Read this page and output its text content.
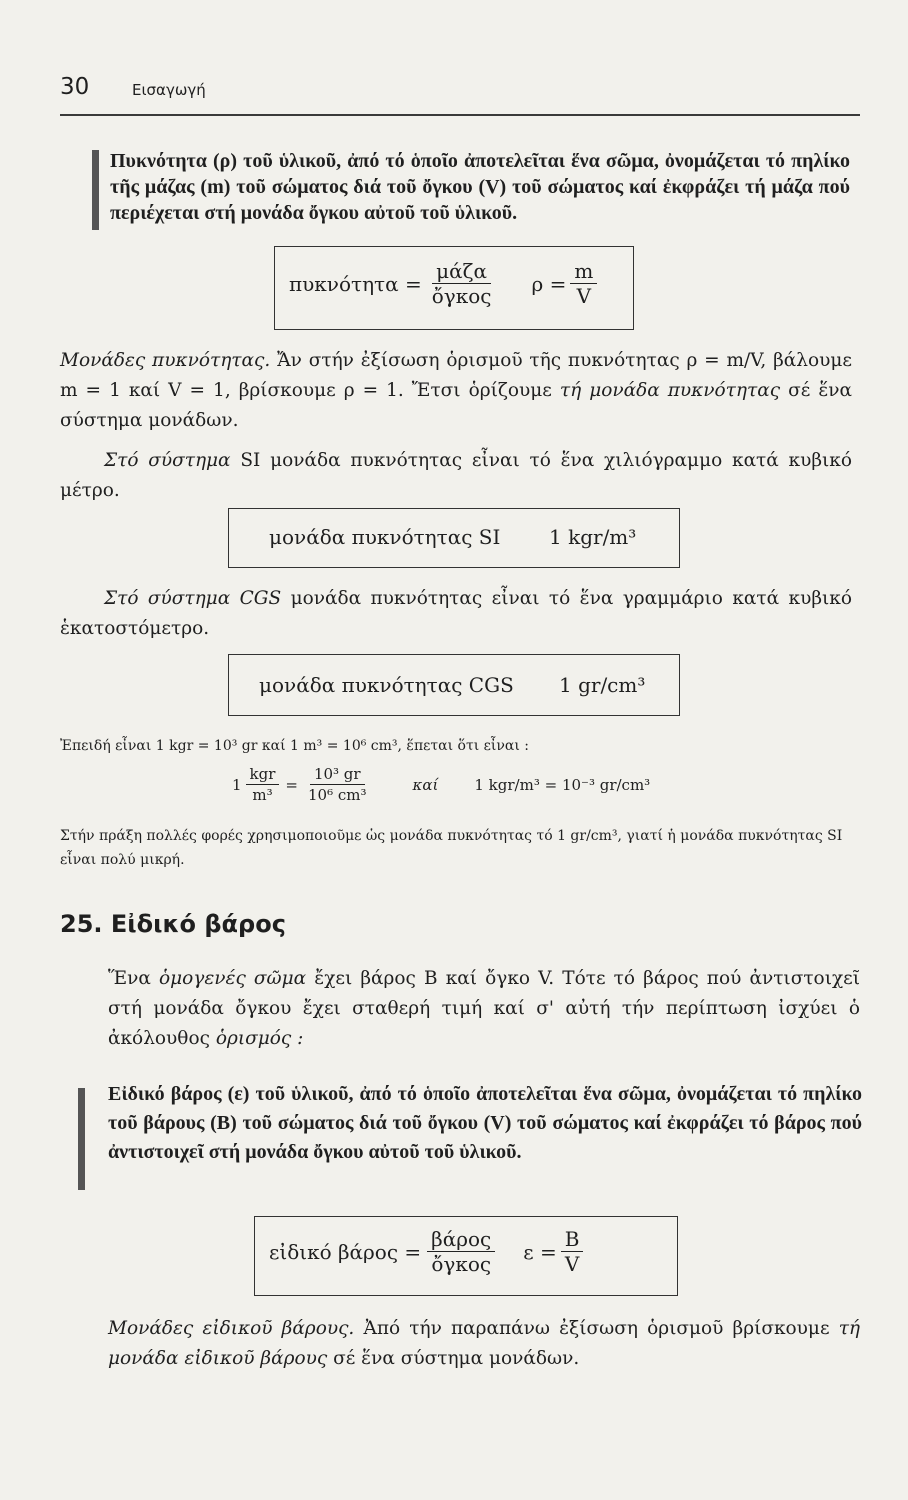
30	Εισαγωγή
Πυκνότητα (ρ) τοῦ ὑλικοῦ, ἀπό τό ὁποῖο ἀποτελεῖται ἕνα σῶμα, ὀνομάζεται τό πηλίκο τῆς μάζας (m) τοῦ σώματος διά τοῦ ὄγκου (V) τοῦ σώματος καί ἐκφράζει τή μάζα πού περιέχεται στή μονάδα ὄγκου αὐτοῦ τοῦ ὑλικοῦ.
$\pi\upsilon\kappa\nu ό\tau\eta\tau\alpha = \frac{\text{μάζα}}{\text{ὄγκος}}$ $\rho = \frac{m}{V}$
Μονάδες πυκνότητας. Ἄν στήν ἐξίσωση ὁρισμοῦ τῆς πυκνότητας ρ = m/V, βάλουμε m = 1 καί V = 1, βρίσκουμε ρ = 1. Ἔτσι ὁρίζουμε τή μονάδα πυκνότητας σέ ἕνα σύστημα μονάδων.
Στό σύστημα SI μονάδα πυκνότητας εἶναι τό ἕνα χιλιόγραμμο κατά κυβικό μέτρο.
μονάδα πυκνότητας SI 1 kgr/m³
Στό σύστημα CGS μονάδα πυκνότητας εἶναι τό ἕνα γραμμάριο κατά κυβικό ἑκατοστόμετρο.
μονάδα πυκνότητας CGS 1 gr/cm³
Ἐπειδή εἶναι 1 kgr = 10³ gr καί 1 m³ = 10⁶ cm³, ἕπεται ὅτι εἶναι :
$1 \frac{\text{kgr}}{\text{m³}} = \frac{\text{10³ gr}}{\text{10⁶ cm³}}$	καί 1 kgr/m³ = 10⁻³ gr/cm³
Στήν πράξη πολλές φορές χρησιμοποιοῦμε ὡς μονάδα πυκνότητας τό 1 gr/cm³, γιατί ἡ μονάδα πυκνότητας SI εἶναι πολύ μικρή.
25. Εἰδικό βάρος
Ἕνα ὁμογενές σῶμα ἔχει βάρος Β καί ὄγκο V. Τότε τό βάρος πού ἀντιστοιχεῖ στή μονάδα ὄγκου ἔχει σταθερή τιμή καί σ' αὐτή τήν περίπτωση ἰσχύει ὁ ἀκόλουθος ὁρισμός :
Εἰδικό βάρος (ε) τοῦ ὑλικοῦ, ἀπό τό ὁποῖο ἀποτελεῖται ἕνα σῶμα, ὀνομάζεται τό πηλίκο τοῦ βάρους (Β) τοῦ σώματος διά τοῦ ὄγκου (V) τοῦ σώματος καί ἐκφράζει τό βάρος πού ἀντιστοιχεῖ στή μονάδα ὄγκου αὐτοῦ τοῦ ὑλικοῦ.
εἰδικό $\beta ά\rho o\varsigma = \frac{\text{βάρος}}{\text{ὄγκος}}$ $\varepsilon = \frac{B}{V}$
Μονάδες εἰδικοῦ βάρους. Ἀπό τήν παραπάνω ἐξίσωση ὁρισμοῦ βρίσκουμε τή μονάδα εἰδικοῦ βάρους σέ ἕνα σύστημα μονάδων.
